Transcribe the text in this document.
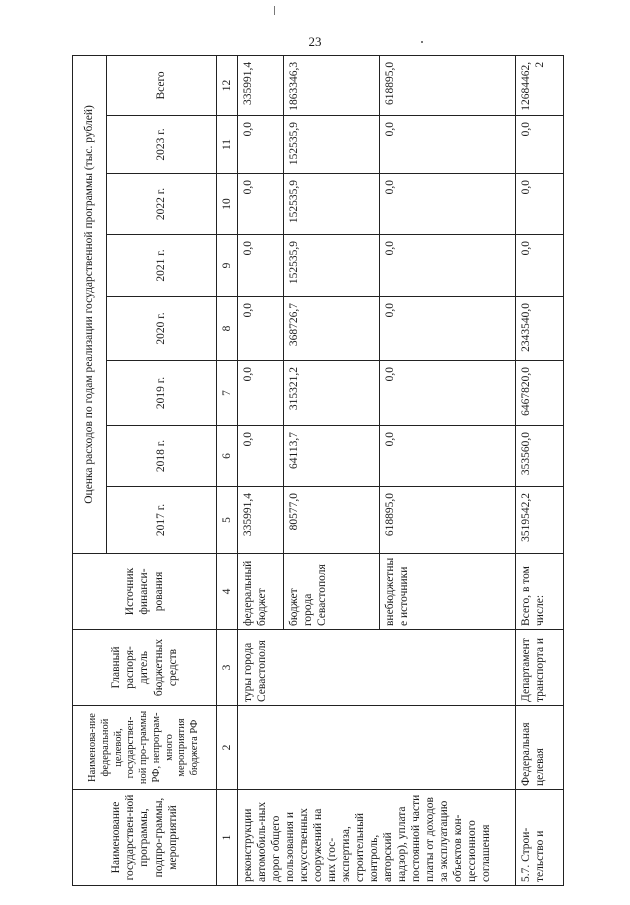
23
Наименование государствен-ной программы, подпро-граммы, мероприятий	Наименова-ние федеральной целевой, государствен-ной про-граммы РФ, непрограм-много мероприятия бюджета РФ	Главный распоря-дитель бюджетных средств	Источник финанси-рования	Оценка расходов по годам реализации государственной программы (тыс. рублей)							
				2017 г.	2018 г.	2019 г.	2020 г.	2021 г.	2022 г.	2023 г.	Всего
1	2	3	4	5	6	7	8	9	10	11	12
реконструкции автомобиль-ных дорог общего пользования и искусственных сооружений на них (гос-экспертиза, строительный контроль, авторский надзор), уплата постоянной части платы от доходов за эксплуатацию объектов кон-цессионного соглашения		туры города Севастополя	федеральный бюджет	335991,4	0,0	0,0	0,0	0,0	0,0	0,0	335991,4
			бюджет города Севастополя	80577,0	64113,7	315321,2	368726,7	152535,9	152535,9	152535,9	1863346,3
			внебюджетные источники	618895,0	0,0	0,0	0,0	0,0	0,0	0,0	618895,0
5.7. Строи-тельство и	Федеральная целевая	Департамент транспорта и	Всего, в том числе:	3519542,2	353560,0	6467820,0	2343540,0	0,0	0,0	0,0	12684462,2
